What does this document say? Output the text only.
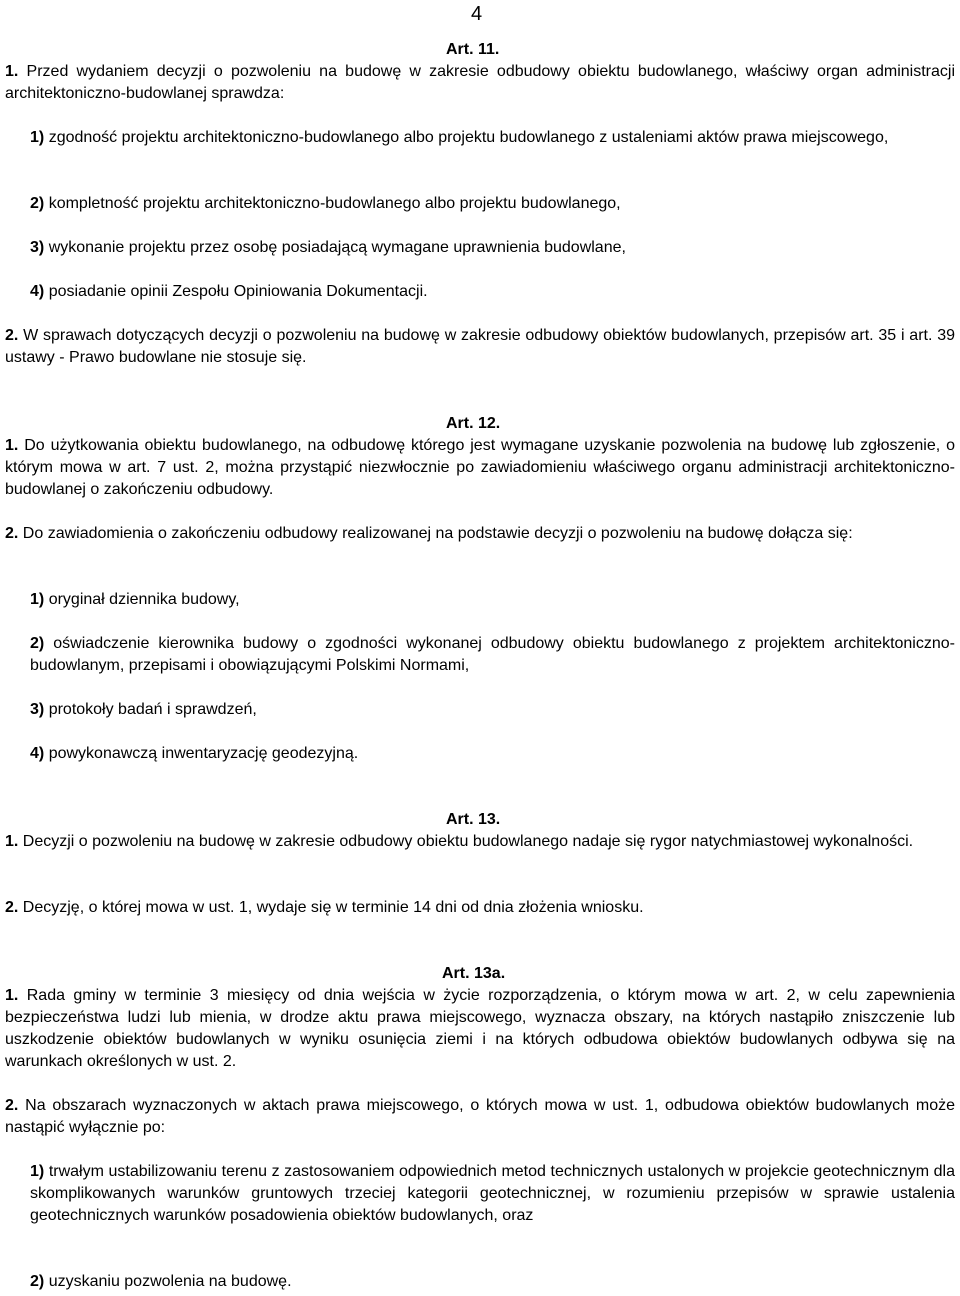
4
Art. 11.
1. Przed wydaniem decyzji o pozwoleniu na budowę w zakresie odbudowy obiektu budowlanego, właściwy organ administracji architektoniczno-budowlanej sprawdza:
1) zgodność projektu architektoniczno-budowlanego albo projektu budowlanego z ustaleniami aktów prawa miejscowego,
2) kompletność projektu architektoniczno-budowlanego albo projektu budowlanego,
3) wykonanie projektu przez osobę posiadającą wymagane uprawnienia budowlane,
4) posiadanie opinii Zespołu Opiniowania Dokumentacji.
2. W sprawach dotyczących decyzji o pozwoleniu na budowę w zakresie odbudowy obiektów budowlanych, przepisów art. 35 i art. 39 ustawy - Prawo budowlane nie stosuje się.
Art. 12.
1. Do użytkowania obiektu budowlanego, na odbudowę którego jest wymagane uzyskanie pozwolenia na budowę lub zgłoszenie, o którym mowa w art. 7 ust. 2, można przystąpić niezwłocznie po zawiadomieniu właściwego organu administracji architektoniczno-budowlanej o zakończeniu odbudowy.
2. Do zawiadomienia o zakończeniu odbudowy realizowanej na podstawie decyzji o pozwoleniu na budowę dołącza się:
1) oryginał dziennika budowy,
2) oświadczenie kierownika budowy o zgodności wykonanej odbudowy obiektu budowlanego z projektem architektoniczno-budowlanym, przepisami i obowiązującymi Polskimi Normami,
3) protokoły badań i sprawdzeń,
4) powykonawczą inwentaryzację geodezyjną.
Art. 13.
1. Decyzji o pozwoleniu na budowę w zakresie odbudowy obiektu budowlanego nadaje się rygor natychmiastowej wykonalności.
2. Decyzję, o której mowa w ust. 1, wydaje się w terminie 14 dni od dnia złożenia wniosku.
Art. 13a.
1. Rada gminy w terminie 3 miesięcy od dnia wejścia w życie rozporządzenia, o którym mowa w art. 2, w celu zapewnienia bezpieczeństwa ludzi lub mienia, w drodze aktu prawa miejscowego, wyznacza obszary, na których nastąpiło zniszczenie lub uszkodzenie obiektów budowlanych w wyniku osunięcia ziemi i na których odbudowa obiektów budowlanych odbywa się na warunkach określonych w ust. 2.
2. Na obszarach wyznaczonych w aktach prawa miejscowego, o których mowa w ust. 1, odbudowa obiektów budowlanych może nastąpić wyłącznie po:
1) trwałym ustabilizowaniu terenu z zastosowaniem odpowiednich metod technicznych ustalonych w projekcie geotechnicznym dla skomplikowanych warunków gruntowych trzeciej kategorii geotechnicznej, w rozumieniu przepisów w sprawie ustalenia geotechnicznych warunków posadowienia obiektów budowlanych, oraz
2) uzyskaniu pozwolenia na budowę.
